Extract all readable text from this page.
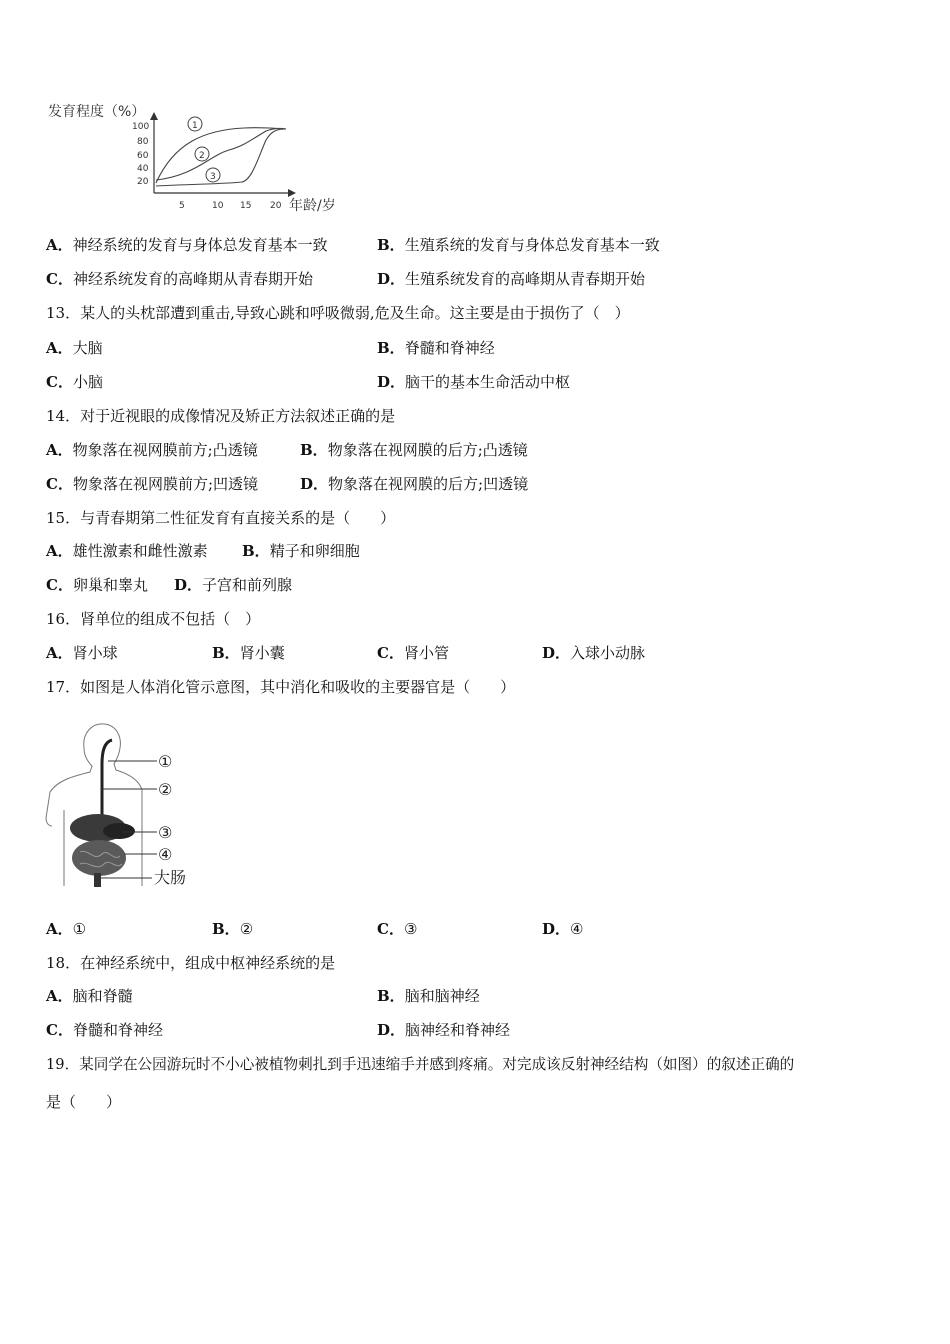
发育程度（%）
100
80
60
40
20
5	10 15 20 年龄/岁
1
2
3
A．神经系统的发育与身体总发育基本一致	B．生殖系统的发育与身体总发育基本一致
C．神经系统发育的高峰期从青春期开始	D．生殖系统发育的高峰期从青春期开始
13．某人的头枕部遭到重击,导致心跳和呼吸微弱,危及生命。这主要是由于损伤了（　）
A．大脑	B．脊髓和脊神经
C．小脑	D．脑干的基本生命活动中枢
14．对于近视眼的成像情况及矫正方法叙述正确的是
A．物象落在视网膜前方;凸透镜	B．物象落在视网膜的后方;凸透镜
C．物象落在视网膜前方;凹透镜	D．物象落在视网膜的后方;凹透镜
15．与青春期第二性征发育有直接关系的是（　　）
A．雄性激素和雌性激素 B．精子和卵细胞
C．卵巢和睾丸 D．子宫和前列腺
16．肾单位的组成不包括（　）
A．肾小球	B．肾小囊	C．肾小管	D．入球小动脉
17．如图是人体消化管示意图，其中消化和吸收的主要器官是（　　）
①
②
③
④
大肠
A．①	B．②	C．③	D．④
18．在神经系统中，组成中枢神经系统的是
A．脑和脊髓	B．脑和脑神经
C．脊髓和脊神经	D．脑神经和脊神经
19．某同学在公园游玩时不小心被植物刺扎到手迅速缩手并感到疼痛。对完成该反射神经结构（如图）的叙述正确的
是（　　）
